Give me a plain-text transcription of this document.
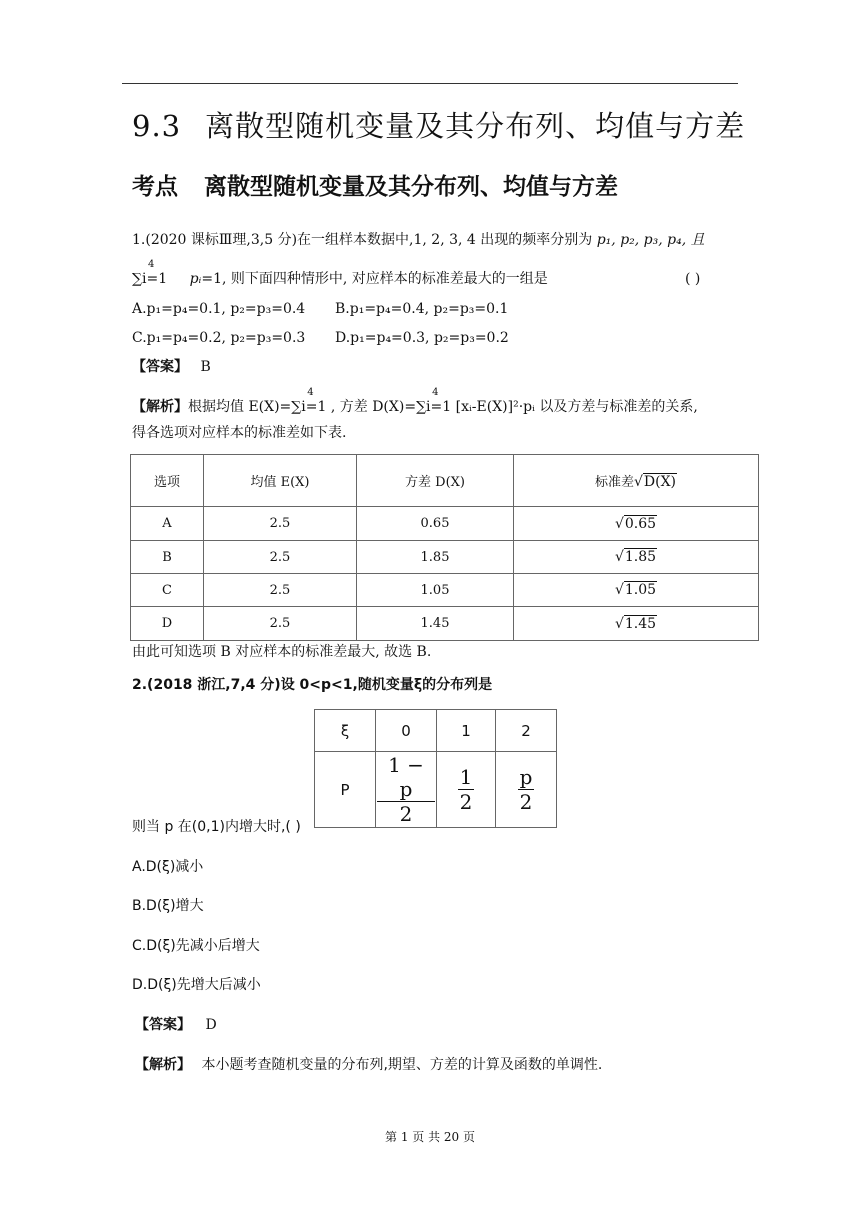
9.3 离散型随机变量及其分布列、均值与方差
考点 离散型随机变量及其分布列、均值与方差
1.(2020 课标Ⅲ理,3,5 分)在一组样本数据中,1, 2, 3, 4 出现的频率分别为 p₁, p₂, p₃, p₄, 且
4
∑i=1 pᵢ=1, 则下面四种情形中, 对应样本的标准差最大的一组是	( )
A.p₁=p₄=0.1, p₂=p₃=0.4 B.p₁=p₄=0.4, p₂=p₃=0.1
C.p₁=p₄=0.2, p₂=p₃=0.3 D.p₁=p₄=0.3, p₂=p₃=0.2
【答案】 B
【解析】根据均值 E(X)=
4
∑i=1 , 方差 D(X)=
4
∑i=1 [xᵢ-E(X)]²·pᵢ 以及方差与标准差的关系,
得各选项对应样本的标准差如下表.
选项	均值 E(X)	方差 D(X)	标准差√D(X)
A	2.5	0.65	√0.65
B	2.5	1.85	√1.85
C	2.5	1.05	√1.05
D	2.5	1.45	√1.45
由此可知选项 B 对应样本的标准差最大, 故选 B.
2.(2018 浙江,7,4 分)设 0<p<1,随机变量ξ的分布列是
ξ	0	1	2
P	$\frac{1 - p}{2}$	$\frac{1}{2}$	$\frac{p}{2}$
则当 p 在(0,1)内增大时,( )
A.D(ξ)减小
B.D(ξ)增大
C.D(ξ)先减小后增大
D.D(ξ)先增大后减小
【答案】 D
【解析】 本小题考查随机变量的分布列,期望、方差的计算及函数的单调性.
第 1 页 共 20 页
